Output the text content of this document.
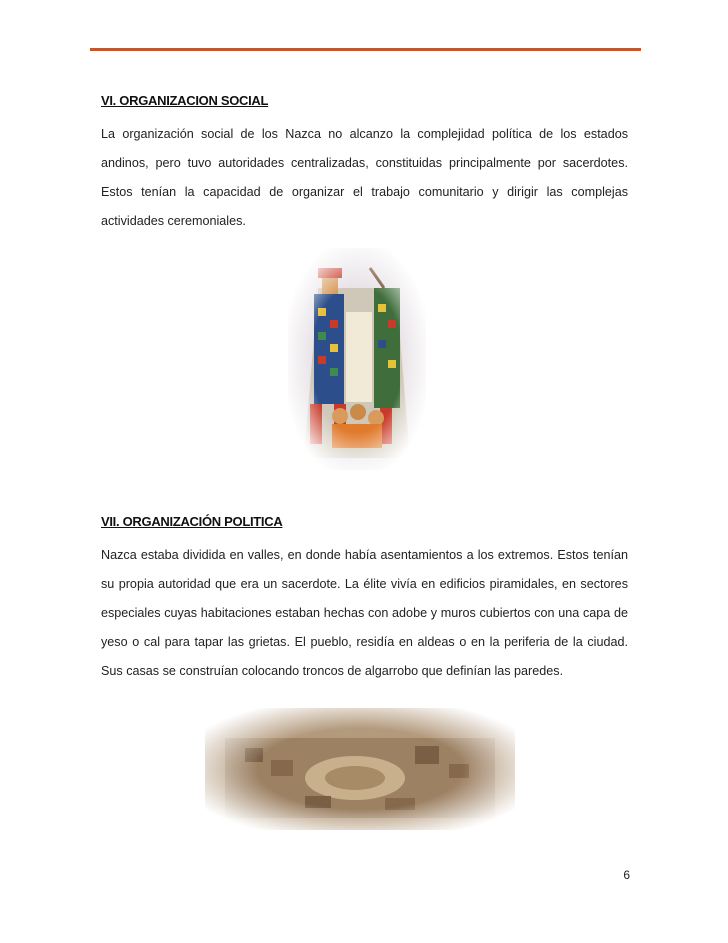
VI. ORGANIZACION SOCIAL

La organización social de los Nazca no alcanzo la complejidad política de los estados andinos, pero tuvo autoridades centralizadas, constituidas principalmente por sacerdotes. Estos tenían la capacidad de organizar el trabajo comunitario y dirigir las complejas actividades ceremoniales.

VII. ORGANIZACIÓN POLITICA

Nazca estaba dividida en valles, en donde había asentamientos a los extremos. Estos tenían su propia autoridad que era un sacerdote. La élite vivía en edificios piramidales, en sectores especiales cuyas habitaciones estaban hechas con adobe y muros cubiertos con una capa de yeso o cal para tapar las grietas. El pueblo, residía en aldeas o en la periferia de la ciudad. Sus casas se construían colocando troncos de algarrobo que definían las paredes.

6
